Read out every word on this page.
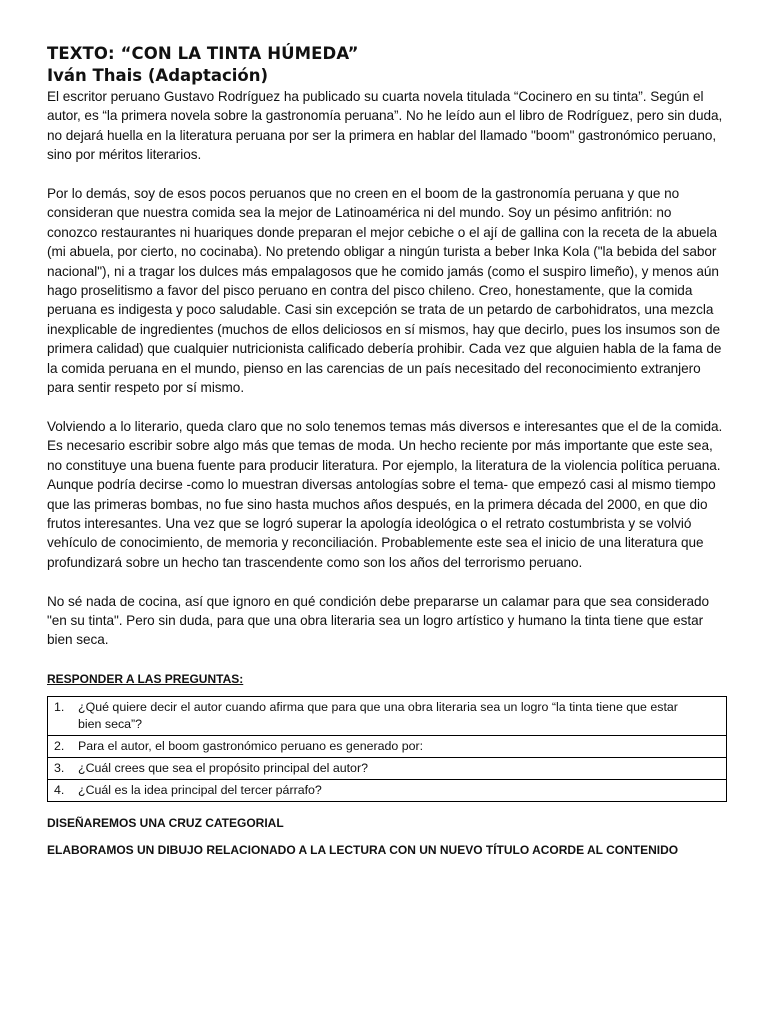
TEXTO: “CON LA TINTA HÚMEDA”
Iván Thais (Adaptación)

El escritor peruano Gustavo Rodríguez ha publicado su cuarta novela titulada “Cocinero en su tinta”. Según el autor, es “la primera novela sobre la gastronomía peruana”. No he leído aun el libro de Rodríguez, pero sin duda, no dejará huella en la literatura peruana por ser la primera en hablar del llamado "boom" gastronómico peruano, sino por méritos literarios.

Por lo demás, soy de esos pocos peruanos que no creen en el boom de la gastronomía peruana y que no consideran que nuestra comida sea la mejor de Latinoamérica ni del mundo. Soy un pésimo anfitrión: no conozco restaurantes ni huariques donde preparan el mejor cebiche o el ají de gallina con la receta de la abuela (mi abuela, por cierto, no cocinaba). No pretendo obligar a ningún turista a beber Inka Kola ("la bebida del sabor nacional"), ni a tragar los dulces más empalagosos que he comido jamás (como el suspiro limeño), y menos aún hago proselitismo a favor del pisco peruano en contra del pisco chileno. Creo, honestamente, que la comida peruana es indigesta y poco saludable. Casi sin excepción se trata de un petardo de carbohidratos, una mezcla inexplicable de ingredientes (muchos de ellos deliciosos en sí mismos, hay que decirlo, pues los insumos son de primera calidad) que cualquier nutricionista calificado debería prohibir. Cada vez que alguien habla de la fama de la comida peruana en el mundo, pienso en las carencias de un país necesitado del reconocimiento extranjero para sentir respeto por sí mismo.

Volviendo a lo literario, queda claro que no solo tenemos temas más diversos e interesantes que el de la comida. Es necesario escribir sobre algo más que temas de moda. Un hecho reciente por más importante que este sea, no constituye una buena fuente para producir literatura. Por ejemplo, la literatura de la violencia política peruana. Aunque podría decirse -como lo muestran diversas antologías sobre el tema- que empezó casi al mismo tiempo que las primeras bombas, no fue sino hasta muchos años después, en la primera década del 2000, en que dio frutos interesantes. Una vez que se logró superar la apología ideológica o el retrato costumbrista y se volvió vehículo de conocimiento, de memoria y reconciliación. Probablemente este sea el inicio de una literatura que profundizará sobre un hecho tan trascendente como son los años del terrorismo peruano.

No sé nada de cocina, así que ignoro en qué condición debe prepararse un calamar para que sea considerado "en su tinta". Pero sin duda, para que una obra literaria sea un logro artístico y humano la tinta tiene que estar bien seca.

RESPONDER A LAS PREGUNTAS:
1. ¿Qué quiere decir el autor cuando afirma que para que una obra literaria sea un logro “la tinta tiene que estar bien seca”?
2. Para el autor, el boom gastronómico peruano es generado por:
3. ¿Cuál crees que sea el propósito principal del autor?
4. ¿Cuál es la idea principal del tercer párrafo?
DISEÑAREMOS UNA CRUZ CATEGORIAL
ELABORAMOS UN DIBUJO RELACIONADO A LA LECTURA CON UN NUEVO TÍTULO ACORDE AL CONTENIDO
